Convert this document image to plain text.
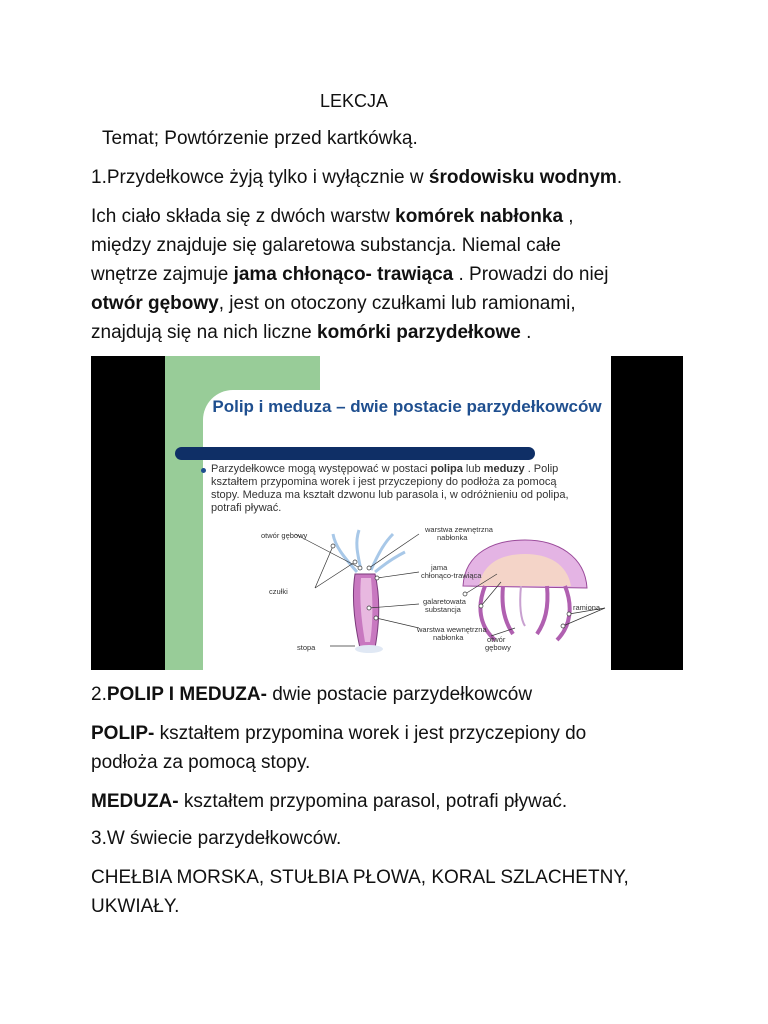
LEKCJA
Temat; Powtórzenie przed kartkówką.
1.Przydełkowce żyją tylko i wyłącznie w środowisku wodnym.
Ich ciało składa się z dwóch warstw komórek nabłonka ,
między znajduje się galaretowa substancja. Niemal całe
wnętrze zajmuje jama chłonąco- trawiąca . Prowadzi do niej
otwór gębowy, jest on otoczony czułkami lub ramionami,
znajdują się na nich liczne komórki parzydełkowe .
Polip i meduza – dwie postacie parzydełkowców
Parzydełkowce mogą występować w postaci polipa lub meduzy . Polip kształtem przypomina worek i jest przyczepiony do podłoża za pomocą stopy. Meduza ma kształt dzwonu lub parasola i, w odróżnieniu od polipa, potrafi pływać.
otwór gębowy
warstwa zewnętrzna
nabłonka
jama
chłonąco-trawiąca
czułki
galaretowata
substancja
warstwa wewnętrzna
nabłonka
stopa
ramiona
otwór
gębowy
2.POLIP I MEDUZA- dwie postacie parzydełkowców
POLIP- kształtem przypomina worek i jest przyczepiony do
podłoża za pomocą stopy.
MEDUZA- kształtem przypomina parasol, potrafi pływać.
3.W świecie parzydełkowców.
CHEŁBIA MORSKA, STUŁBIA PŁOWA, KORAL SZLACHETNY,
UKWIAŁY.
